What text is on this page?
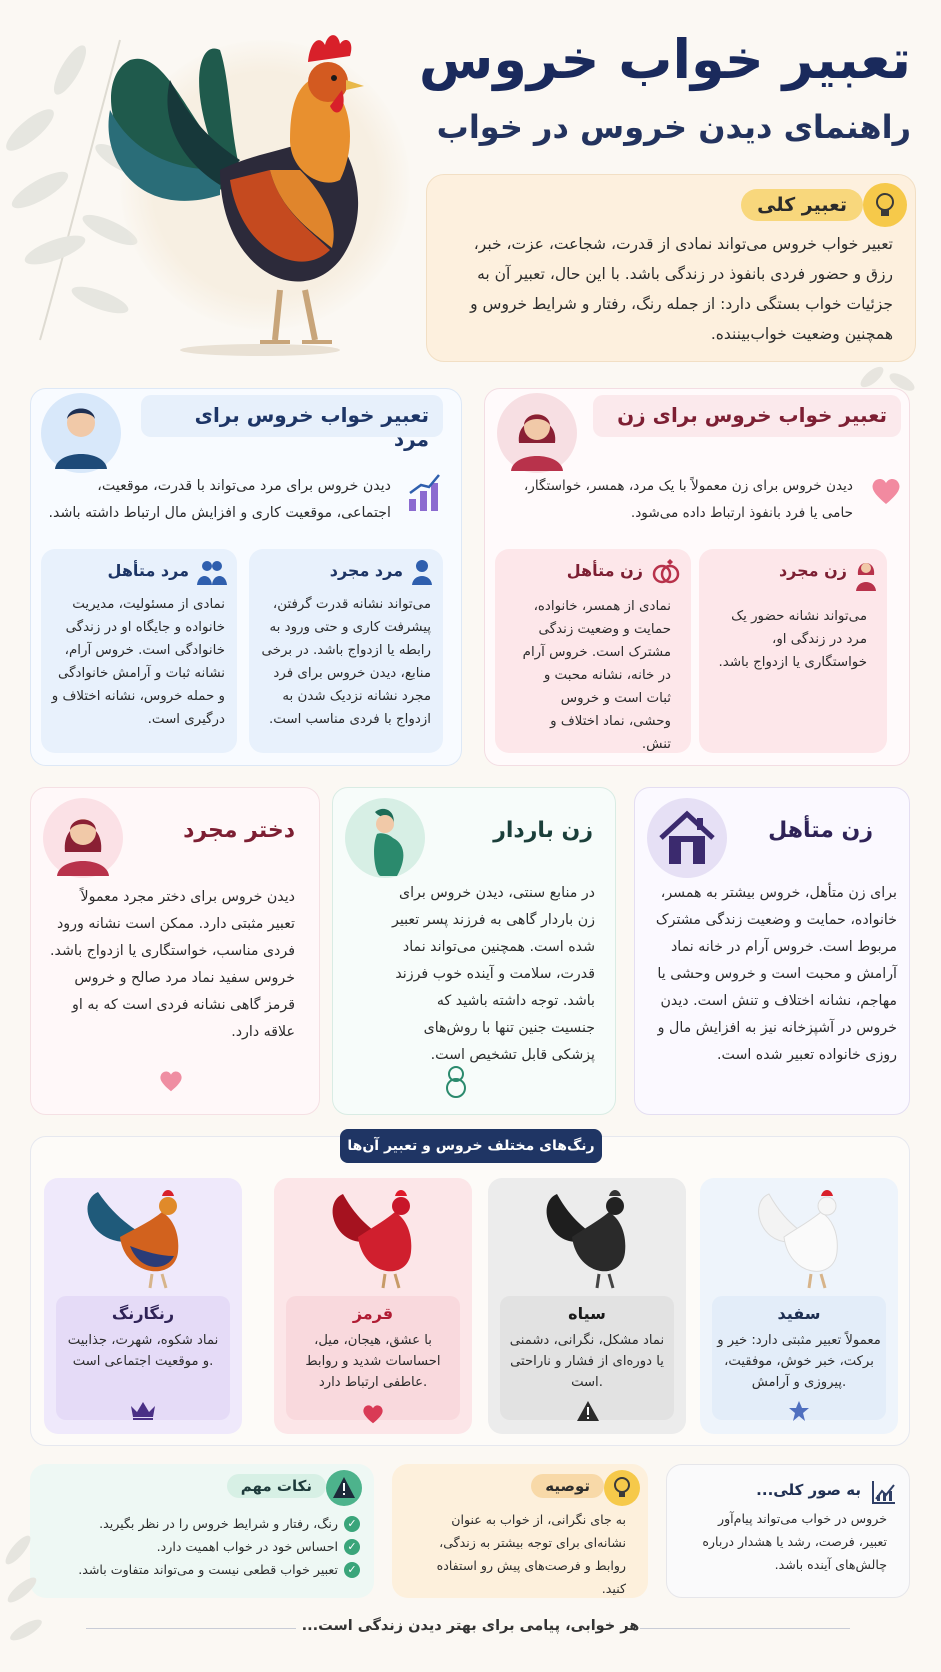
تعبیر خواب خروس
راهنمای دیدن خروس در خواب
تعبیر کلی
تعبیر خواب خروس می‌تواند نمادی از قدرت، شجاعت، عزت، خبر، رزق و حضور فردی بانفوذ در زندگی باشد. با این حال، تعبیر آن به جزئیات خواب بستگی دارد: از جمله رنگ، رفتار و شرایط خروس و همچنین وضعیت خواب‌بیننده.
تعبیر خواب خروس برای مرد
دیدن خروس برای مرد می‌تواند با قدرت، موقعیت، اجتماعی، موقعیت کاری و افزایش مال ارتباط داشته باشد.
مرد مجرد
می‌تواند نشانه قدرت گرفتن، پیشرفت کاری و حتی ورود به رابطه یا ازدواج باشد. در برخی منابع، دیدن خروس برای فرد مجرد نشانه نزدیک شدن به ازدواج با فردی مناسب است.
مرد متأهل
نمادی از مسئولیت، مدیریت خانواده و جایگاه او در زندگی خانوادگی است. خروس آرام، نشانه ثبات و آرامش خانوادگی و حمله خروس، نشانه اختلاف و درگیری است.
تعبیر خواب خروس برای زن
دیدن خروس برای زن معمولاً با یک مرد، همسر، خواستگار، حامی یا فرد بانفوذ ارتباط داده می‌شود.
زن مجرد
می‌تواند نشانه حضور یک مرد در زندگی او، خواستگاری یا ازدواج باشد.
زن متأهل
نمادی از همسر، خانواده، حمایت و وضعیت زندگی مشترک است. خروس آرام در خانه، نشانه محبت و ثبات است و خروس وحشی، نماد اختلاف و تنش.
دختر مجرد
دیدن خروس برای دختر مجرد معمولاً تعبیر مثبتی دارد. ممکن است نشانه ورود فردی مناسب، خواستگاری یا ازدواج باشد. خروس سفید نماد مرد صالح و خروس قرمز گاهی نشانه فردی است که به او علاقه دارد.
زن باردار
در منابع سنتی، دیدن خروس برای زن باردار گاهی به فرزند پسر تعبیر شده است. همچنین می‌تواند نماد قدرت، سلامت و آینده خوب فرزند باشد. توجه داشته باشید که جنسیت جنین تنها با روش‌های پزشکی قابل تشخیص است.
زن متأهل
برای زن متأهل، خروس بیشتر به همسر، خانواده، حمایت و وضعیت زندگی مشترک مربوط است. خروس آرام در خانه نماد آرامش و محبت است و خروس وحشی یا مهاجم، نشانه اختلاف و تنش است. دیدن خروس در آشپزخانه نیز به افزایش مال و روزی خانواده تعبیر شده است.
رنگ‌های مختلف خروس و تعبیر آن‌ها
سفید
معمولاً تعبیر مثبتی دارد: خیر و برکت، خبر خوش، موفقیت، پیروزی و آرامش.
سیاه
نماد مشکل، نگرانی، دشمنی یا دوره‌ای از فشار و ناراحتی است.
قرمز
با عشق، هیجان، میل، احساسات شدید و روابط عاطفی ارتباط دارد.
رنگارنگ
نماد شکوه، شهرت، جذابیت و موقعیت اجتماعی است.
به صور کلی...
خروس در خواب می‌تواند پیام‌آور تعبیر، فرصت، رشد یا هشدار درباره چالش‌های آینده باشد.
توصیه
به جای نگرانی، از خواب به عنوان نشانه‌ای برای توجه بیشتر به زندگی، روابط و فرصت‌های پیش رو استفاده کنید.
نکات مهم
✓
رنگ، رفتار و شرایط خروس را در نظر بگیرید.
✓
احساس خود در خواب اهمیت دارد.
✓
تعبیر خواب قطعی نیست و می‌تواند متفاوت باشد.
هر خوابی، پیامی برای بهتر دیدن زندگی است...
